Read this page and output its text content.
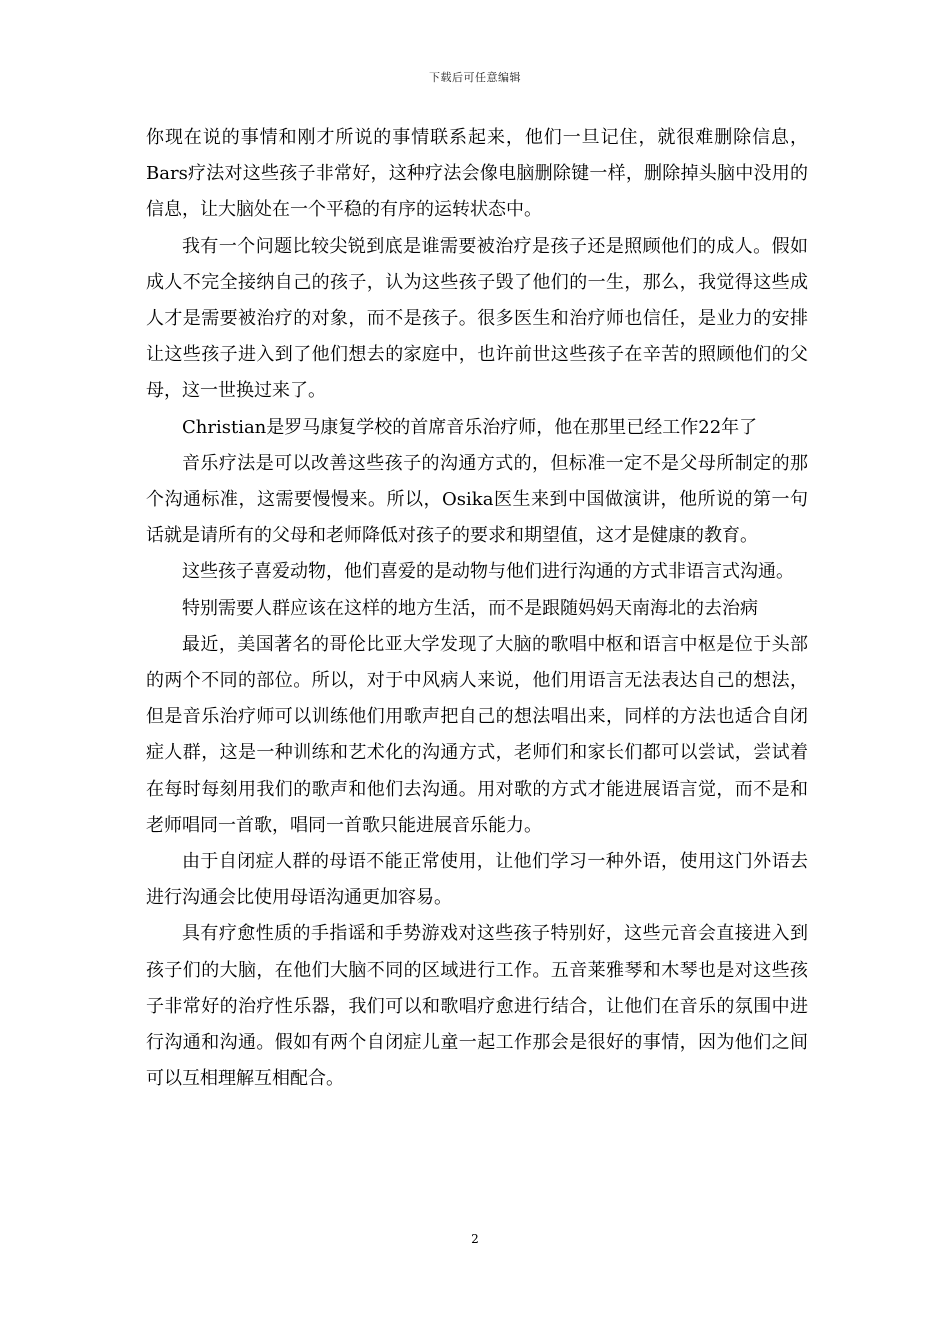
下载后可任意编辑

你现在说的事情和刚才所说的事情联系起来，他们一旦记住，就很难删除信息，Bars疗法对这些孩子非常好，这种疗法会像电脑删除键一样，删除掉头脑中没用的信息，让大脑处在一个平稳的有序的运转状态中。

我有一个问题比较尖锐到底是谁需要被治疗是孩子还是照顾他们的成人。假如成人不完全接纳自己的孩子，认为这些孩子毁了他们的一生，那么，我觉得这些成人才是需要被治疗的对象，而不是孩子。很多医生和治疗师也信任，是业力的安排让这些孩子进入到了他们想去的家庭中，也许前世这些孩子在辛苦的照顾他们的父母，这一世换过来了。

Christian是罗马康复学校的首席音乐治疗师，他在那里已经工作22年了

音乐疗法是可以改善这些孩子的沟通方式的，但标准一定不是父母所制定的那个沟通标准，这需要慢慢来。所以，Osika医生来到中国做演讲，他所说的第一句话就是请所有的父母和老师降低对孩子的要求和期望值，这才是健康的教育。

这些孩子喜爱动物，他们喜爱的是动物与他们进行沟通的方式非语言式沟通。

特别需要人群应该在这样的地方生活，而不是跟随妈妈天南海北的去治病

最近，美国著名的哥伦比亚大学发现了大脑的歌唱中枢和语言中枢是位于头部的两个不同的部位。所以，对于中风病人来说，他们用语言无法表达自己的想法，但是音乐治疗师可以训练他们用歌声把自己的想法唱出来，同样的方法也适合自闭症人群，这是一种训练和艺术化的沟通方式，老师们和家长们都可以尝试，尝试着在每时每刻用我们的歌声和他们去沟通。用对歌的方式才能进展语言觉，而不是和老师唱同一首歌，唱同一首歌只能进展音乐能力。

由于自闭症人群的母语不能正常使用，让他们学习一种外语，使用这门外语去进行沟通会比使用母语沟通更加容易。

具有疗愈性质的手指谣和手势游戏对这些孩子特别好，这些元音会直接进入到孩子们的大脑，在他们大脑不同的区域进行工作。五音莱雅琴和木琴也是对这些孩子非常好的治疗性乐器，我们可以和歌唱疗愈进行结合，让他们在音乐的氛围中进行沟通和沟通。假如有两个自闭症儿童一起工作那会是很好的事情，因为他们之间可以互相理解互相配合。

2
